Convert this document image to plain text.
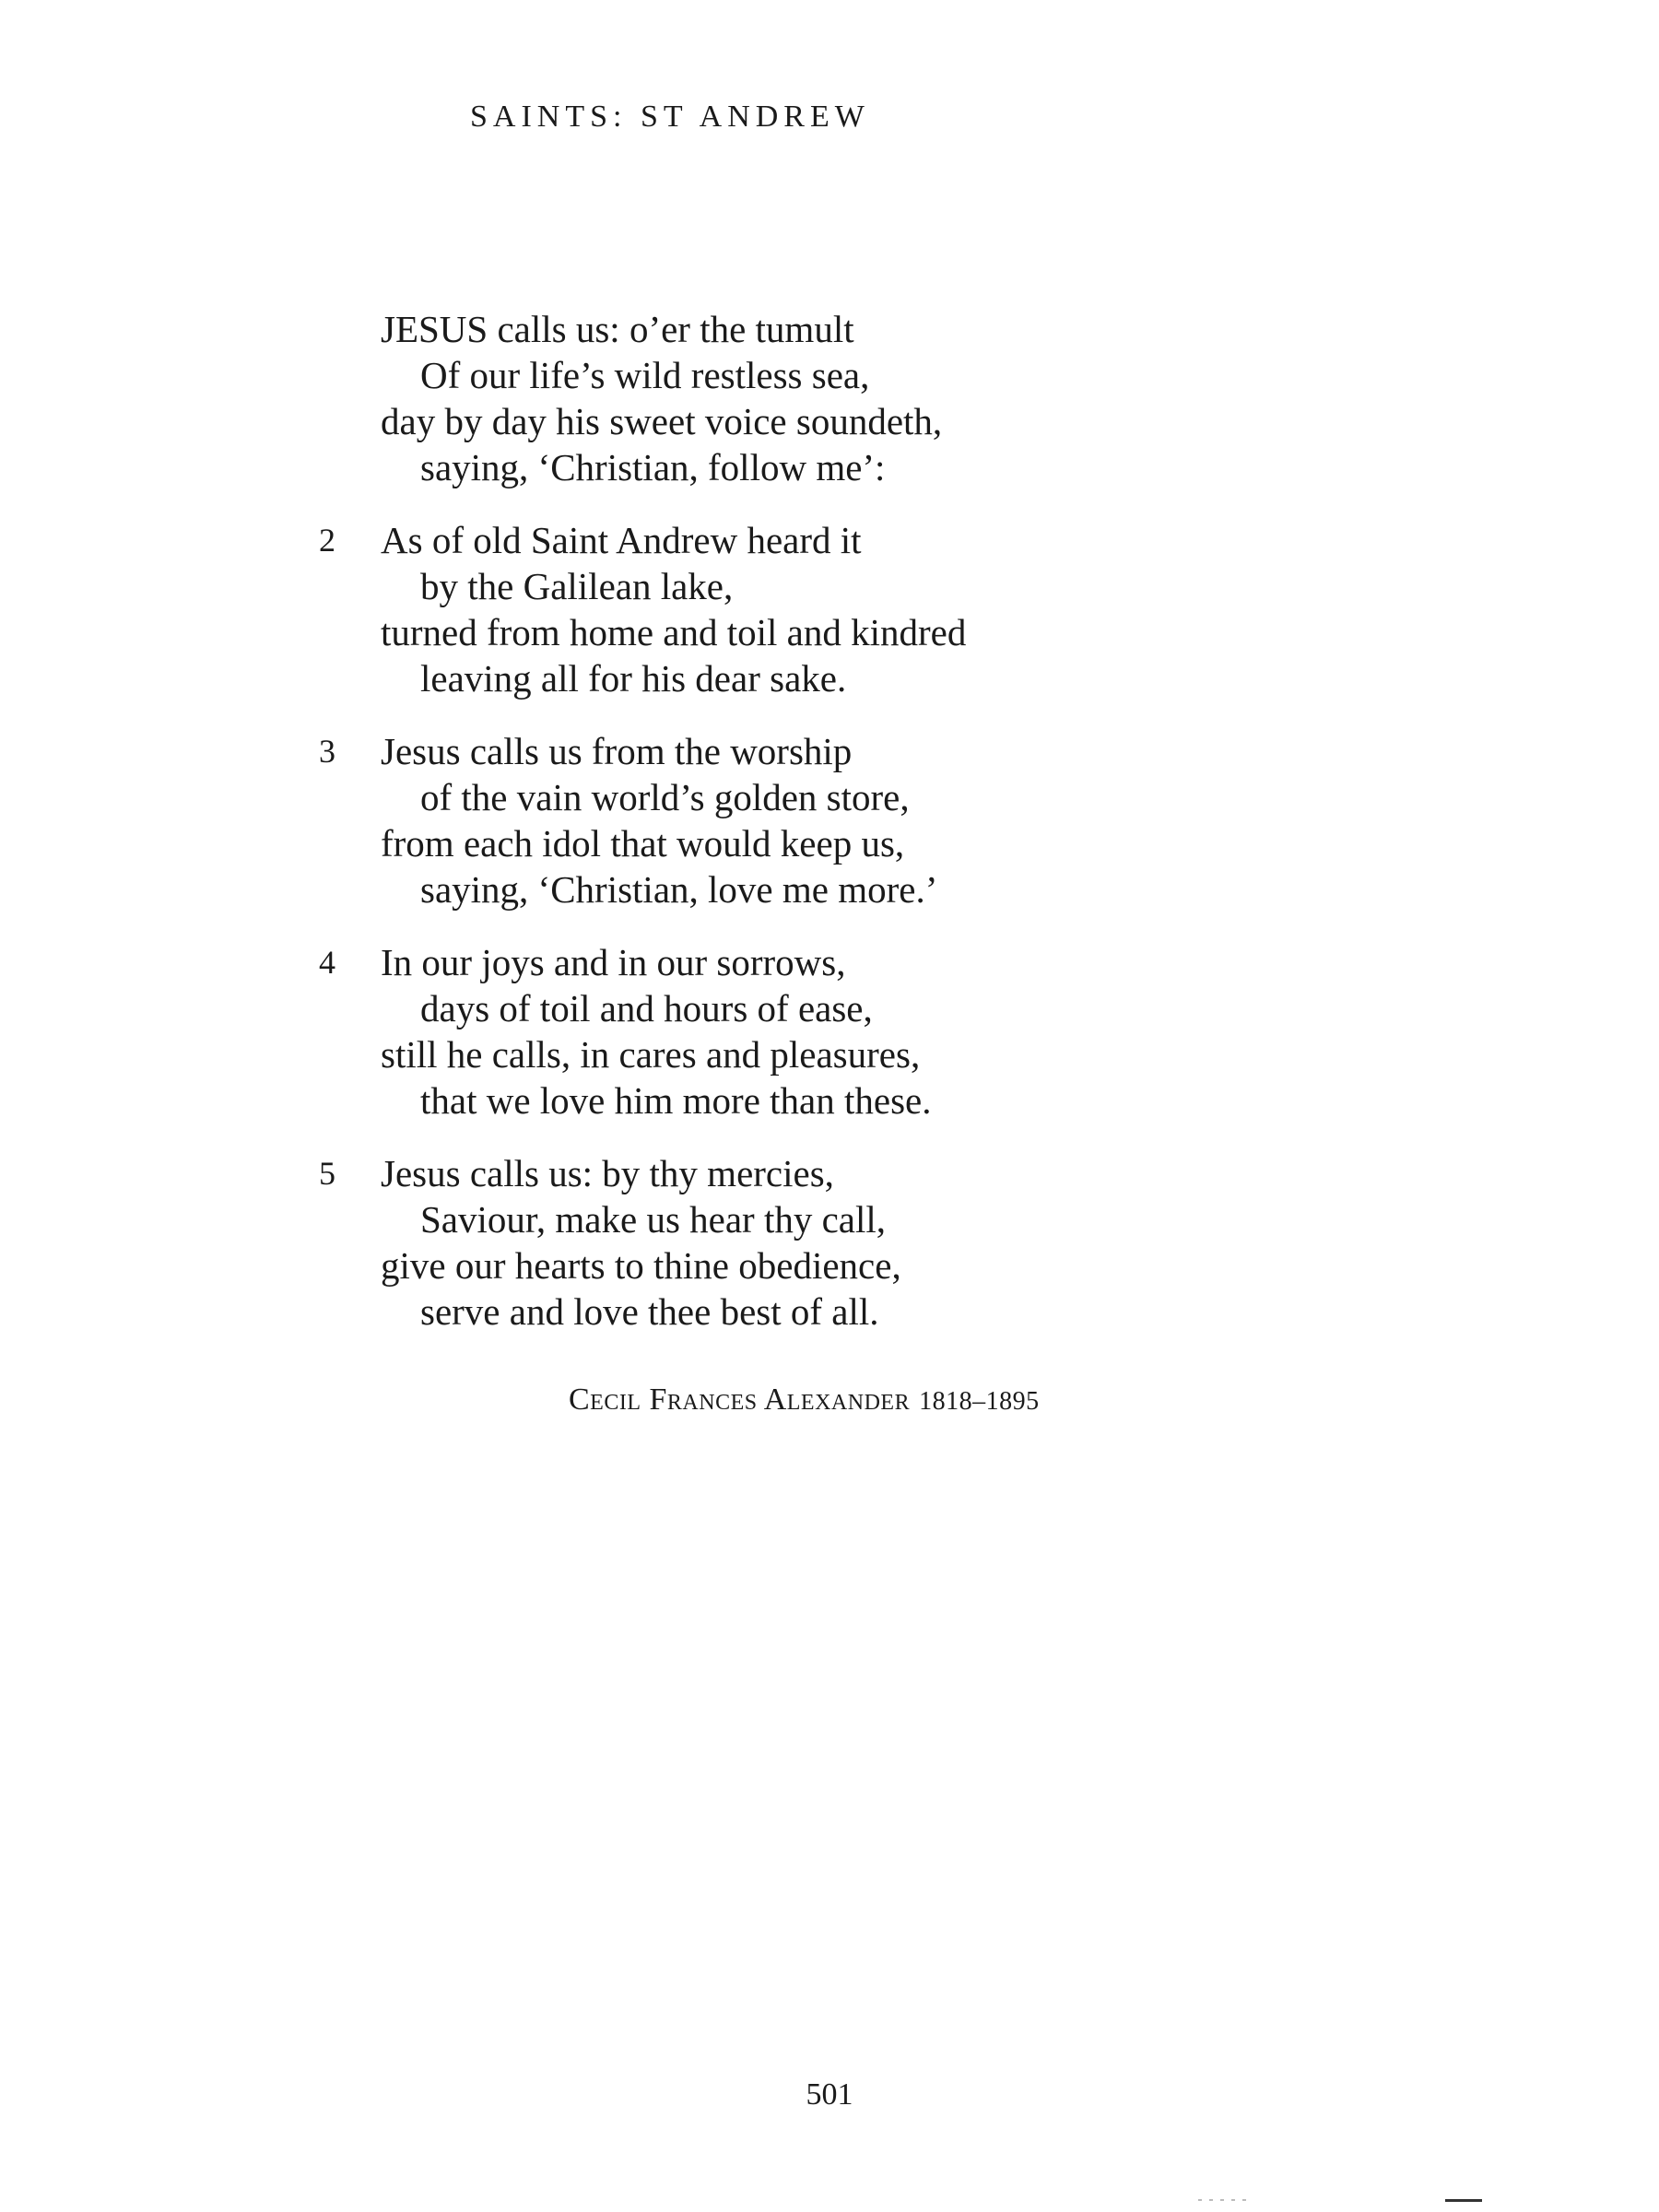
SAINTS: ST ANDREW
JESUS calls us: o’er the tumult
Of our life’s wild restless sea,
day by day his sweet voice soundeth,
saying, ‘Christian, follow me’:
2	As of old Saint Andrew heard it
by the Galilean lake,
turned from home and toil and kindred
leaving all for his dear sake.
3	Jesus calls us from the worship
of the vain world’s golden store,
from each idol that would keep us,
saying, ‘Christian, love me more.’
4	In our joys and in our sorrows,
days of toil and hours of ease,
still he calls, in cares and pleasures,
that we love him more than these.
5	Jesus calls us: by thy mercies,
Saviour, make us hear thy call,
give our hearts to thine obedience,
serve and love thee best of all.
Cecil Frances Alexander 1818–1895
501
